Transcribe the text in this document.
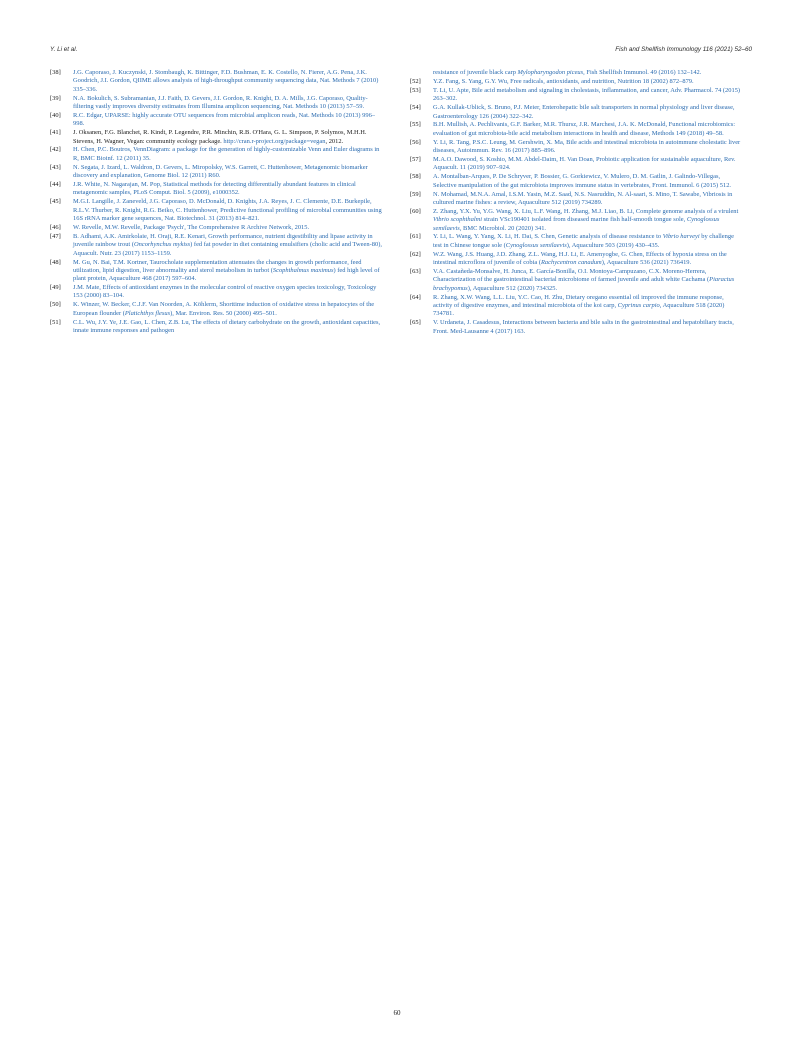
Y. Li et al.	Fish and Shellfish Immunology 116 (2021) 52–60
[38] J.G. Caporaso, J. Kuczynski, J. Stombaugh, K. Bittinger, F.D. Bushman, E. K. Costello, N. Fierer, A.G. Pena, J.K. Goodrich, J.I. Gordon, QIIME allows analysis of high-throughput community sequencing data, Nat. Methods 7 (2010) 335–336.
[39] N.A. Bokulich, S. Subramanian, J.J. Faith, D. Gevers, J.I. Gordon, R. Knight, D. A. Mills, J.G. Caporaso, Quality-filtering vastly improves diversity estimates from Illumina amplicon sequencing, Nat. Methods 10 (2013) 57–59.
[40] R.C. Edgar, UPARSE: highly accurate OTU sequences from microbial amplicon reads, Nat. Methods 10 (2013) 996–998.
[41] J. Oksanen, F.G. Blanchet, R. Kindt, P. Legendre, P.R. Minchin, R.B. O'Hara, G. L. Simpson, P. Solymos, M.H.H. Stevens, H. Wagner, Vegan: community ecology package. http://cran.r-project.org/package=vegan, 2012.
[42] H. Chen, P.C. Boutros, VennDiagram: a package for the generation of highly-customizable Venn and Euler diagrams in R, BMC Bioinf. 12 (2011) 35.
[43] N. Segata, J. Izard, L. Waldron, D. Gevers, L. Miropolsky, W.S. Garrett, C. Huttenhower, Metagenomic biomarker discovery and explanation, Genome Biol. 12 (2011) R60.
[44] J.R. White, N. Nagarajan, M. Pop, Statistical methods for detecting differentially abundant features in clinical metagenomic samples, PLoS Comput. Biol. 5 (2009), e1000352.
[45] M.G.I. Langille, J. Zaneveld, J.G. Caporaso, D. McDonald, D. Knights, J.A. Reyes, J. C. Clemente, D.E. Burkepile, R.L.V. Thurber, R. Knight, R.G. Beiko, C. Huttenhower, Predictive functional profiling of microbial communities using 16S rRNA marker gene sequences, Nat. Biotechnol. 31 (2013) 814–821.
[46] W. Revelle, M.W. Revelle, Package 'Psych', The Comprehensive R Archive Network, 2015.
[47] B. Adhami, A.K. Amirkolaie, H. Oraji, R.E. Kenari, Growth performance, nutrient digestibility and lipase activity in juvenile rainbow trout (Oncorhynchus mykiss) fed fat powder in diet containing emulsifiers (cholic acid and Tween-80), Aquacult. Nutr. 23 (2017) 1153–1159.
[48] M. Gu, N. Bai, T.M. Kortner, Taurocholate supplementation attenuates the changes in growth performance, feed utilization, lipid digestion, liver abnormality and sterol metabolism in turbot (Scophthalmus maximus) fed high level of plant protein, Aquaculture 468 (2017) 597–604.
[49] J.M. Mate, Effects of antioxidant enzymes in the molecular control of reactive oxygen species toxicology, Toxicology 153 (2000) 83–104.
[50] K. Winzer, W. Becker, C.J.F. Van Noorden, A. Köhlerm, Shorttime induction of oxidative stress in hepatocytes of the European flounder (Platichthys flesus), Mar. Environ. Res. 50 (2000) 495–501.
[51] C.L. Wu, J.Y. Ye, J.E. Gao, L. Chen, Z.B. Lu, The effects of dietary carbohydrate on the growth, antioxidant capacities, innate immune responses and pathogen
resistance of juvenile black carp Mylopharyngodon piceus, Fish Shellfish Immunol. 49 (2016) 132–142.
[52] Y.Z. Fang, S. Yang, G.Y. Wu, Free radicals, antioxidants, and nutrition, Nutrition 18 (2002) 872–879.
[53] T. Li, U. Apte, Bile acid metabolism and signaling in cholestasis, inflammation, and cancer, Adv. Pharmacol. 74 (2015) 263–302.
[54] G.A. Kullak-Ublick, S. Bruno, P.J. Meier, Enterohepatic bile salt transporters in normal physiology and liver disease, Gastroenterology 126 (2004) 322–342.
[55] B.H. Mullish, A. Pechlivanis, G.F. Barker, M.R. Thursz, J.R. Marchesi, J.A. K. McDonald, Functional microbiomics: evaluation of gut microbiota-bile acid metabolism interactions in health and disease, Methods 149 (2018) 49–58.
[56] Y. Li, R. Tang, P.S.C. Leung, M. Gershwin, X. Ma, Bile acids and intestinal microbiota in autoimmune cholestatic liver diseases, Autoimmun. Rev. 16 (2017) 885–896.
[57] M.A.O. Dawood, S. Koshio, M.M. Abdel-Daim, H. Van Doan, Probiotic application for sustainable aquaculture, Rev. Aquacult. 11 (2019) 907–924.
[58] A. Montalban-Arques, P. De Schryver, P. Bossier, G. Gorkiewicz, V. Mulero, D. M. Gatlin, J. Galindo-Villegas, Selective manipulation of the gut microbiota improves immune status in vertebrates, Front. Immunol. 6 (2015) 512.
[59] N. Mohamad, M.N.A. Amal, I.S.M. Yasin, M.Z. Saad, N.S. Nasruddin, N. Al-saari, S. Mino, T. Sawabe, Vibriosis in cultured marine fishes: a review, Aquaculture 512 (2019) 734289.
[60] Z. Zhang, Y.X. Yu, Y.G. Wang, X. Liu, L.F. Wang, H. Zhang, M.J. Liao, B. Li, Complete genome analysis of a virulent Vibrio scophthalmi strain VSc190401 isolated from diseased marine fish half-smooth tongue sole, Cynoglossus semilaevis, BMC Microbiol. 20 (2020) 341.
[61] Y. Li, L. Wang, Y. Yang, X. Li, H. Dai, S. Chen, Genetic analysis of disease resistance to Vibrio harveyi by challenge test in Chinese tongue sole (Cynoglossus semilaevis), Aquaculture 503 (2019) 430–435.
[62] W.Z. Wang, J.S. Huang, J.D. Zhang, Z.L. Wang, H.J. Li, E. Amenyogbe, G. Chen, Effects of hypoxia stress on the intestinal microflora of juvenile of cobia (Rachycentron canadum), Aquaculture 536 (2021) 736419.
[63] V.A. Castañeda-Monsalve, H. Junca, E. García-Bonilla, O.I. Montoya-Campuzano, C.X. Moreno-Herrera, Characterization of the gastrointestinal bacterial microbiome of farmed juvenile and adult white Cachama (Piaractus brachypomus), Aquaculture 512 (2020) 734325.
[64] R. Zhang, X.W. Wang, L.L. Liu, Y.C. Cao, H. Zhu, Dietary oregano essential oil improved the immune response, activity of digestive enzymes, and intestinal microbiota of the koi carp, Cyprinus carpio, Aquaculture 518 (2020) 734781.
[65] V. Urdaneta, J. Casadesus, Interactions between bacteria and bile salts in the gastrointestinal and hepatobiliary tracts, Front. Med-Lausanne 4 (2017) 163.
60
